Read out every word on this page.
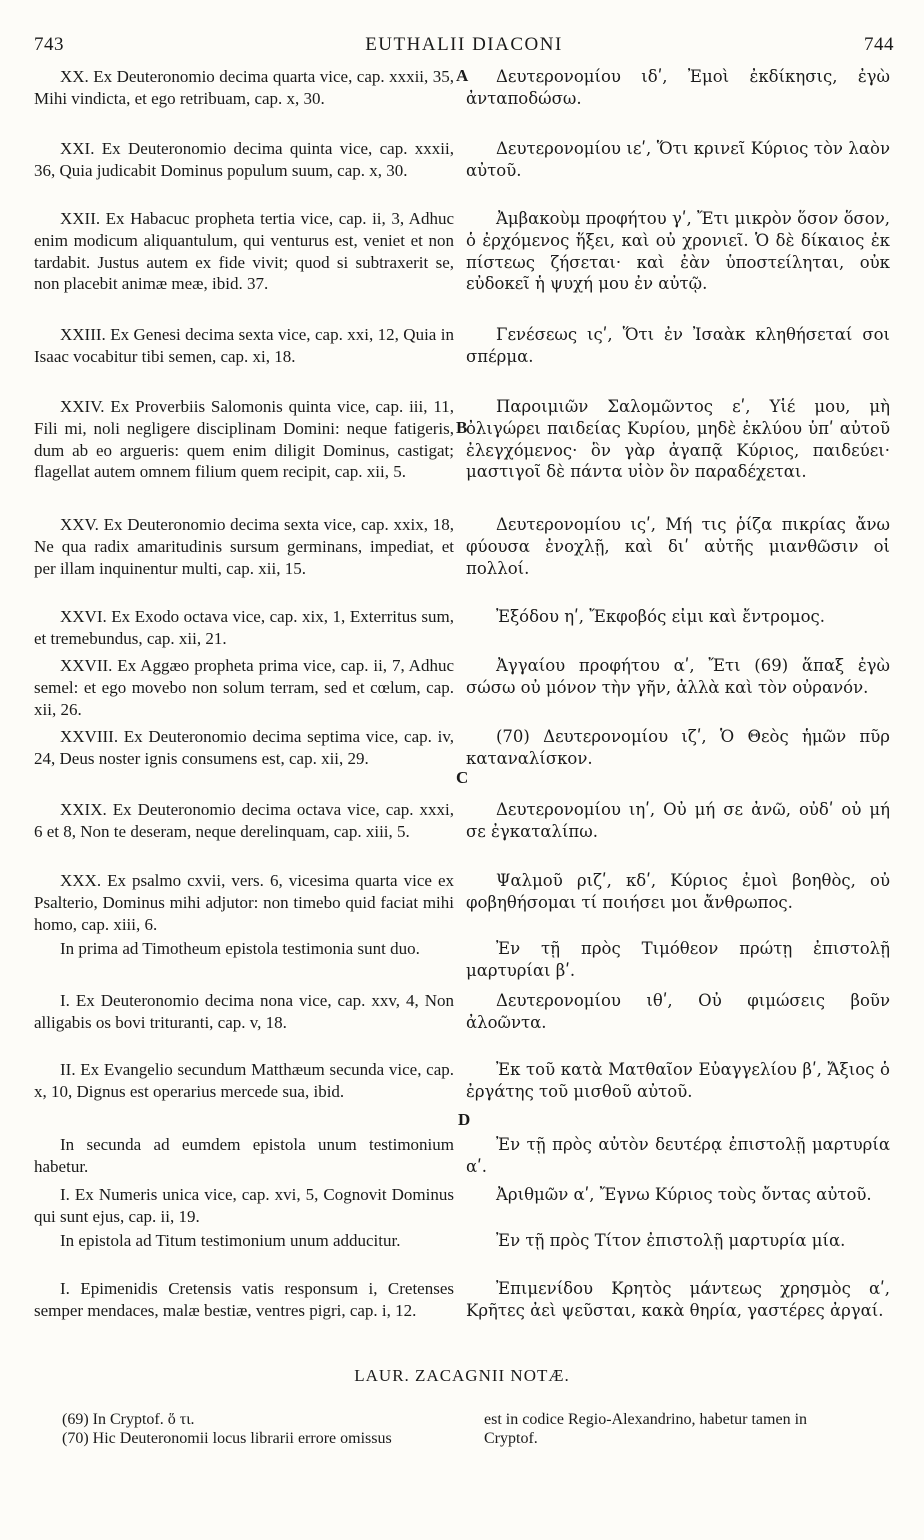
743	EUTHALII DIACONI	744

XX. Ex Deuteronomio decima quarta vice, cap. xxxii, 35, Mihi vindicta, et ego retribuam, cap. x, 30.

XXI. Ex Deuteronomio decima quinta vice, cap. xxxii, 36, Quia judicabit Dominus populum suum, cap. x, 30.

XXII. Ex Habacuc propheta tertia vice, cap. ii, 3, Adhuc enim modicum aliquantulum, qui venturus est, veniet et non tardabit. Justus autem ex fide vivit; quod si subtraxerit se, non placebit animæ meæ, ibid. 37.

XXIII. Ex Genesi decima sexta vice, cap. xxi, 12, Quia in Isaac vocabitur tibi semen, cap. xi, 18.

XXIV. Ex Proverbiis Salomonis quinta vice, cap. iii, 11, Fili mi, noli negligere disciplinam Domini: neque fatigeris, dum ab eo argueris: quem enim diligit Dominus, castigat; flagellat autem omnem filium quem recipit, cap. xii, 5.

XXV. Ex Deuteronomio decima sexta vice, cap. xxix, 18, Ne qua radix amaritudinis sursum germinans, impediat, et per illam inquinentur multi, cap. xii, 15.

XXVI. Ex Exodo octava vice, cap. xix, 1, Exterritus sum, et tremebundus, cap. xii, 21.

XXVII. Ex Aggæo propheta prima vice, cap. ii, 7, Adhuc semel: et ego movebo non solum terram, sed et cœlum, cap. xii, 26.

XXVIII. Ex Deuteronomio decima septima vice, cap. iv, 24, Deus noster ignis consumens est, cap. xii, 29.

XXIX. Ex Deuteronomio decima octava vice, cap. xxxi, 6 et 8, Non te deseram, neque derelinquam, cap. xiii, 5.

XXX. Ex psalmo cxvii, vers. 6, vicesima quarta vice ex Psalterio, Dominus mihi adjutor: non timebo quid faciat mihi homo, cap. xiii, 6.

In prima ad Timotheum epistola testimonia sunt duo.

I. Ex Deuteronomio decima nona vice, cap. xxv, 4, Non alligabis os bovi trituranti, cap. v, 18.

II. Ex Evangelio secundum Matthæum secunda vice, cap. x, 10, Dignus est operarius mercede sua, ibid.

In secunda ad eumdem epistola unum testimonium habetur.

I. Ex Numeris unica vice, cap. xvi, 5, Cognovit Dominus qui sunt ejus, cap. ii, 19.

In epistola ad Titum testimonium unum adducitur.

I. Epimenidis Cretensis vatis responsum i, Cretenses semper mendaces, malæ bestiæ, ventres pigri, cap. i, 12.

Δευτερονομίου ιδʹ, Ἐμοὶ ἐκδίκησις, ἐγὼ ἀνταποδώσω.

Δευτερονομίου ιεʹ, Ὅτι κρινεῖ Κύριος τὸν λαὸν αὐτοῦ.

Ἀμβακοὺμ προφήτου γʹ, Ἔτι μικρὸν ὅσον ὅσον, ὁ ἐρχόμενος ἥξει, καὶ οὐ χρονιεῖ. Ὁ δὲ δίκαιος ἐκ πίστεως ζήσεται· καὶ ἐὰν ὑποστείληται, οὐκ εὐδοκεῖ ἡ ψυχή μου ἐν αὐτῷ.

Γενέσεως ιςʹ, Ὅτι ἐν Ἰσαὰκ κληθήσεταί σοι σπέρμα.

Παροιμιῶν Σαλομῶντος εʹ, Υἱέ μου, μὴ ὀλιγώρει παιδείας Κυρίου, μηδὲ ἐκλύου ὑπʹ αὐτοῦ ἐλεγχόμενος· ὃν γὰρ ἀγαπᾷ Κύριος, παιδεύει· μαστιγοῖ δὲ πάντα υἱὸν ὃν παραδέχεται.

Δευτερονομίου ιςʹ, Μή τις ῥίζα πικρίας ἄνω φύουσα ἐνοχλῇ, καὶ διʹ αὐτῆς μιανθῶσιν οἱ πολλοί.

Ἐξόδου ηʹ, Ἔκφοβός εἰμι καὶ ἔντρομος.

Ἀγγαίου προφήτου αʹ, Ἔτι (69) ἅπαξ ἐγὼ σώσω οὐ μόνον τὴν γῆν, ἀλλὰ καὶ τὸν οὐρανόν.

(70) Δευτερονομίου ιζʹ, Ὁ Θεὸς ἡμῶν πῦρ καταναλίσκον.

Δευτερονομίου ιηʹ, Οὐ μή σε ἀνῶ, οὐδʹ οὐ μή σε ἐγκαταλίπω.

Ψαλμοῦ ριζʹ, κδʹ, Κύριος ἐμοὶ βοηθὸς, οὐ φοβηθήσομαι τί ποιήσει μοι ἄνθρωπος.

Ἐν τῇ πρὸς Τιμόθεον πρώτῃ ἐπιστολῇ μαρτυρίαι βʹ.

Δευτερονομίου ιθʹ, Οὐ φιμώσεις βοῦν ἀλοῶντα.

Ἐκ τοῦ κατὰ Ματθαῖον Εὐαγγελίου βʹ, Ἄξιος ὁ ἐργάτης τοῦ μισθοῦ αὐτοῦ.

Ἐν τῇ πρὸς αὐτὸν δευτέρᾳ ἐπιστολῇ μαρτυρία αʹ.

Ἀριθμῶν αʹ, Ἔγνω Κύριος τοὺς ὄντας αὐτοῦ.

Ἐν τῇ πρὸς Τίτον ἐπιστολῇ μαρτυρία μία.

Ἐπιμενίδου Κρητὸς μάντεως χρησμὸς αʹ, Κρῆτες ἀεὶ ψεῦσται, κακὰ θηρία, γαστέρες ἀργαί.

A
B
C
D
LAUR. ZACAGNII NOTÆ.
(69) In Cryptof. ὅ τι.
(70) Hic Deuteronomii locus librarii errore omissus
est in codice Regio-Alexandrino, habetur tamen in
Cryptof.
